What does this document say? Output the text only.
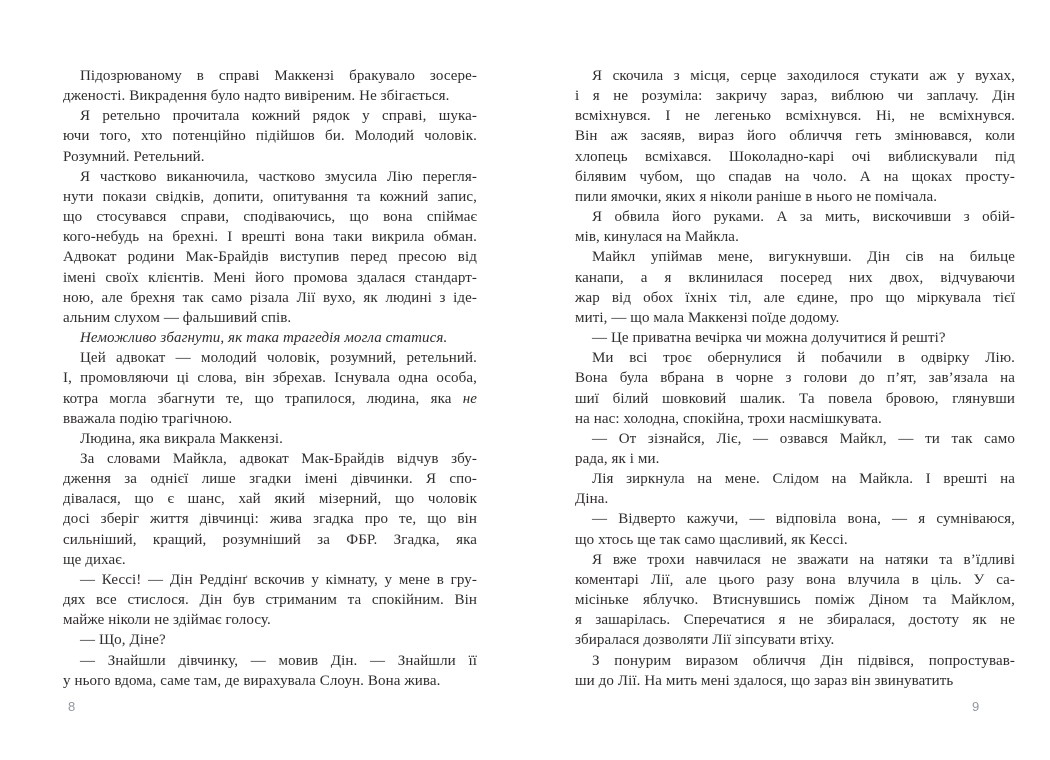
Підозрюваному в справі Маккензі бракувало зосере-
дженості. Викрадення було надто вивіреним. Не збігається.
Я ретельно прочитала кожний рядок у справі, шука-
ючи того, хто потенційно підійшов би. Молодий чоловік.
Розумний. Ретельний.
Я частково виканючила, частково змусила Лію перегля-
нути покази свідків, допити, опитування та кожний запис,
що стосувався справи, сподіваючись, що вона спіймає
кого-небудь на брехні. І врешті вона таки викрила обман.
Адвокат родини Мак-Брайдів виступив перед пресою від
імені своїх клієнтів. Мені його промова здалася стандарт-
ною, але брехня так само різала Лії вухо, як людині з іде-
альним слухом — фальшивий спів.
Неможливо збагнути, як така трагедія могла статися.
Цей адвокат — молодий чоловік, розумний, ретельний.
І, промовляючи ці слова, він збрехав. Існувала одна особа,
котра могла збагнути те, що трапилося, людина, яка не
вважала подію трагічною.
Людина, яка викрала Маккензі.
За словами Майкла, адвокат Мак-Брайдів відчув збу-
дження за однієї лише згадки імені дівчинки. Я спо-
дівалася, що є шанс, хай який мізерний, що чоловік
досі зберіг життя дівчинці: жива згадка про те, що він
сильніший, кращий, розумніший за ФБР. Згадка, яка
ще дихає.
— Кессі! — Дін Реддінґ вскочив у кімнату, у мене в гру-
дях все стислося. Дін був стриманим та спокійним. Він
майже ніколи не здіймає голосу.
— Що, Діне?
— Знайшли дівчинку, — мовив Дін. — Знайшли її
у нього вдома, саме там, де вирахувала Слоун. Вона жива.
Я скочила з місця, серце заходилося стукати аж у вухах,
і я не розуміла: закричу зараз, виблюю чи заплачу. Дін
всміхнувся. І не легенько всміхнувся. Ні, не всміхнувся.
Він аж засяяв, вираз його обличчя геть змінювався, коли
хлопець всміхався. Шоколадно-карі очі виблискували під
білявим чубом, що спадав на чоло. А на щоках просту-
пили ямочки, яких я ніколи раніше в нього не помічала.
Я обвила його руками. А за мить, вискочивши з обій-
мів, кинулася на Майкла.
Майкл упіймав мене, вигукнувши. Дін сів на бильце
канапи, а я вклинилася посеред них двох, відчуваючи
жар від обох їхніх тіл, але єдине, про що міркувала тієї
миті, — що мала Маккензі поїде додому.
— Це приватна вечірка чи можна долучитися й решті?
Ми всі троє обернулися й побачили в одвірку Лію.
Вона була вбрана в чорне з голови до п’ят, зав’язала на
шиї білий шовковий шалик. Та повела бровою, глянувши
на нас: холодна, спокійна, трохи насмішкувата.
— От зізнайся, Ліє, — озвався Майкл, — ти так само
рада, як і ми.
Лія зиркнула на мене. Слідом на Майкла. І врешті на
Діна.
— Відверто кажучи, — відповіла вона, — я сумніваюся,
що хтось ще так само щасливий, як Кессі.
Я вже трохи навчилася не зважати на натяки та в’їдливі
коментарі Лії, але цього разу вона влучила в ціль. У са-
місіньке яблучко. Втиснувшись поміж Діном та Майклом,
я зашарілась. Сперечатися я не збиралася, достоту як не
збиралася дозволяти Лії зіпсувати втіху.
З понурим виразом обличчя Дін підвівся, попростував-
ши до Лії. На мить мені здалося, що зараз він звинуватить
8	9
